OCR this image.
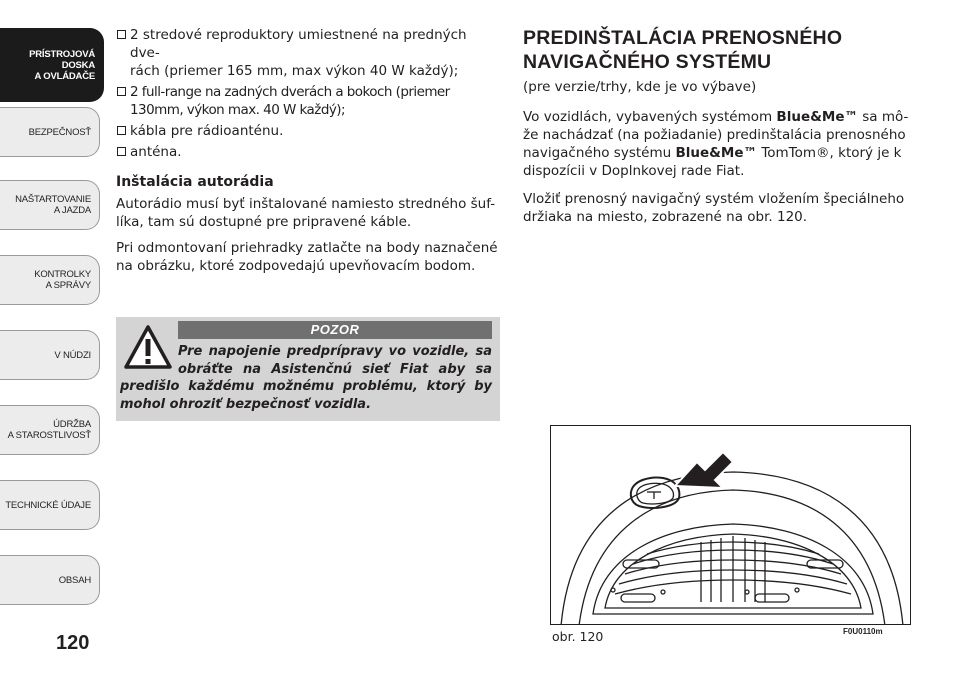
PRÍSTROJOVÁ
DOSKA
A OVLÁDAČE
BEZPEČNOSŤ
NAŠTARTOVANIE
A JAZDA
KONTROLKY
A SPRÁVY
V NÚDZI
ÚDRŽBA
A STAROSTLIVOSŤ
TECHNICKÉ ÚDAJE
OBSAH
120
2 stredové reproduktory umiestnené na predných dve-
rách (priemer 165 mm, max výkon 40 W každý);
2 full-range na zadných dverách a bokoch (priemer 130mm, výkon max. 40 W každý);
kábla pre rádioanténu.
anténa.
Inštalácia autorádia

Autorádio musí byť inštalované namiesto stredného šuf-líka, tam sú dostupné pre pripravené káble.

Pri odmontovaní priehradky zatlačte na body naznačené na obrázku, ktoré zodpovedajú upevňovacím bodom.

POZOR
Pre napojenie predprípravy vo vozidle, sa obráťte na Asistenčnú sieť Fiat aby sa predišlo každému možnému problému, ktorý by mohol ohroziť bezpečnosť vozidla.
PREDINŠTALÁCIA PRENOSNÉHO NAVIGAČNÉHO SYSTÉMU

(pre verzie/trhy, kde je vo výbave)

Vo vozidlách, vybavených systémom Blue&Me™ sa mô-že nachádzať (na požiadanie) predinštalácia prenosného navigačného systému Blue&Me™ TomTom®, ktorý je k dispozícii v Doplnkovej rade Fiat.

Vložiť prenosný navigačný systém vložením špeciálneho držiaka na miesto, zobrazené na obr. 120.

obr. 120	F0U0110m
